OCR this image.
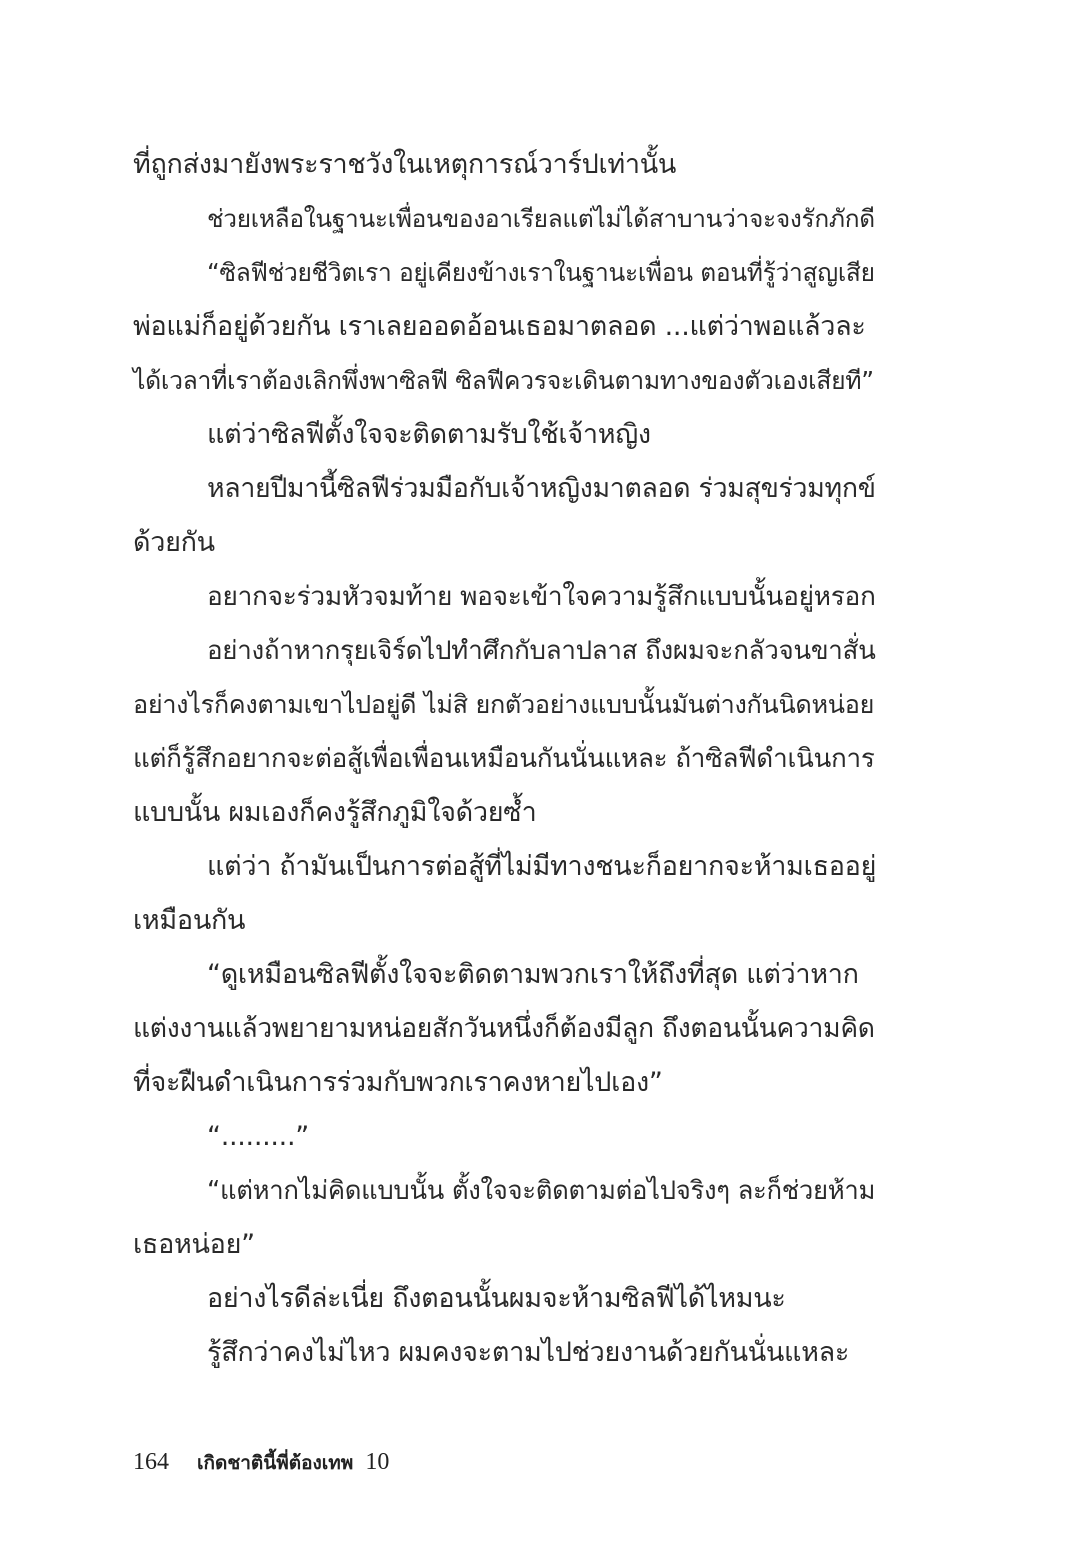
ที่ถูกส่งมายังพระราชวังในเหตุการณ์วาร์ปเท่านั้น
ช่วยเหลือในฐานะเพื่อนของอาเรียลแต่ไม่ได้สาบานว่าจะจงรักภักดี
“ซิลฟีช่วยชีวิตเรา อยู่เคียงข้างเราในฐานะเพื่อน ตอนที่รู้ว่าสูญเสีย
พ่อแม่ก็อยู่ด้วยกัน เราเลยออดอ้อนเธอมาตลอด ...แต่ว่าพอแล้วละ
ได้เวลาที่เราต้องเลิกพึ่งพาซิลฟี ซิลฟีควรจะเดินตามทางของตัวเองเสียที”
แต่ว่าซิลฟีตั้งใจจะติดตามรับใช้เจ้าหญิง
หลายปีมานี้ซิลฟีร่วมมือกับเจ้าหญิงมาตลอด ร่วมสุขร่วมทุกข์
ด้วยกัน
อยากจะร่วมหัวจมท้าย พอจะเข้าใจความรู้สึกแบบนั้นอยู่หรอก
อย่างถ้าหากรุยเจิร์ดไปทำศึกกับลาปลาส ถึงผมจะกลัวจนขาสั่น
อย่างไรก็คงตามเขาไปอยู่ดี ไม่สิ ยกตัวอย่างแบบนั้นมันต่างกันนิดหน่อย
แต่ก็รู้สึกอยากจะต่อสู้เพื่อเพื่อนเหมือนกันนั่นแหละ ถ้าซิลฟีดำเนินการ
แบบนั้น ผมเองก็คงรู้สึกภูมิใจด้วยซ้ำ
แต่ว่า ถ้ามันเป็นการต่อสู้ที่ไม่มีทางชนะก็อยากจะห้ามเธออยู่
เหมือนกัน
“ดูเหมือนซิลฟีตั้งใจจะติดตามพวกเราให้ถึงที่สุด แต่ว่าหาก
แต่งงานแล้วพยายามหน่อยสักวันหนึ่งก็ต้องมีลูก ถึงตอนนั้นความคิด
ที่จะฝืนดำเนินการร่วมกับพวกเราคงหายไปเอง”
“.........”
“แต่หากไม่คิดแบบนั้น ตั้งใจจะติดตามต่อไปจริงๆ ละก็ช่วยห้าม
เธอหน่อย”
อย่างไรดีล่ะเนี่ย ถึงตอนนั้นผมจะห้ามซิลฟีได้ไหมนะ
รู้สึกว่าคงไม่ไหว ผมคงจะตามไปช่วยงานด้วยกันนั่นแหละ
164 เกิดชาตินี้พี่ต้องเทพ 10
